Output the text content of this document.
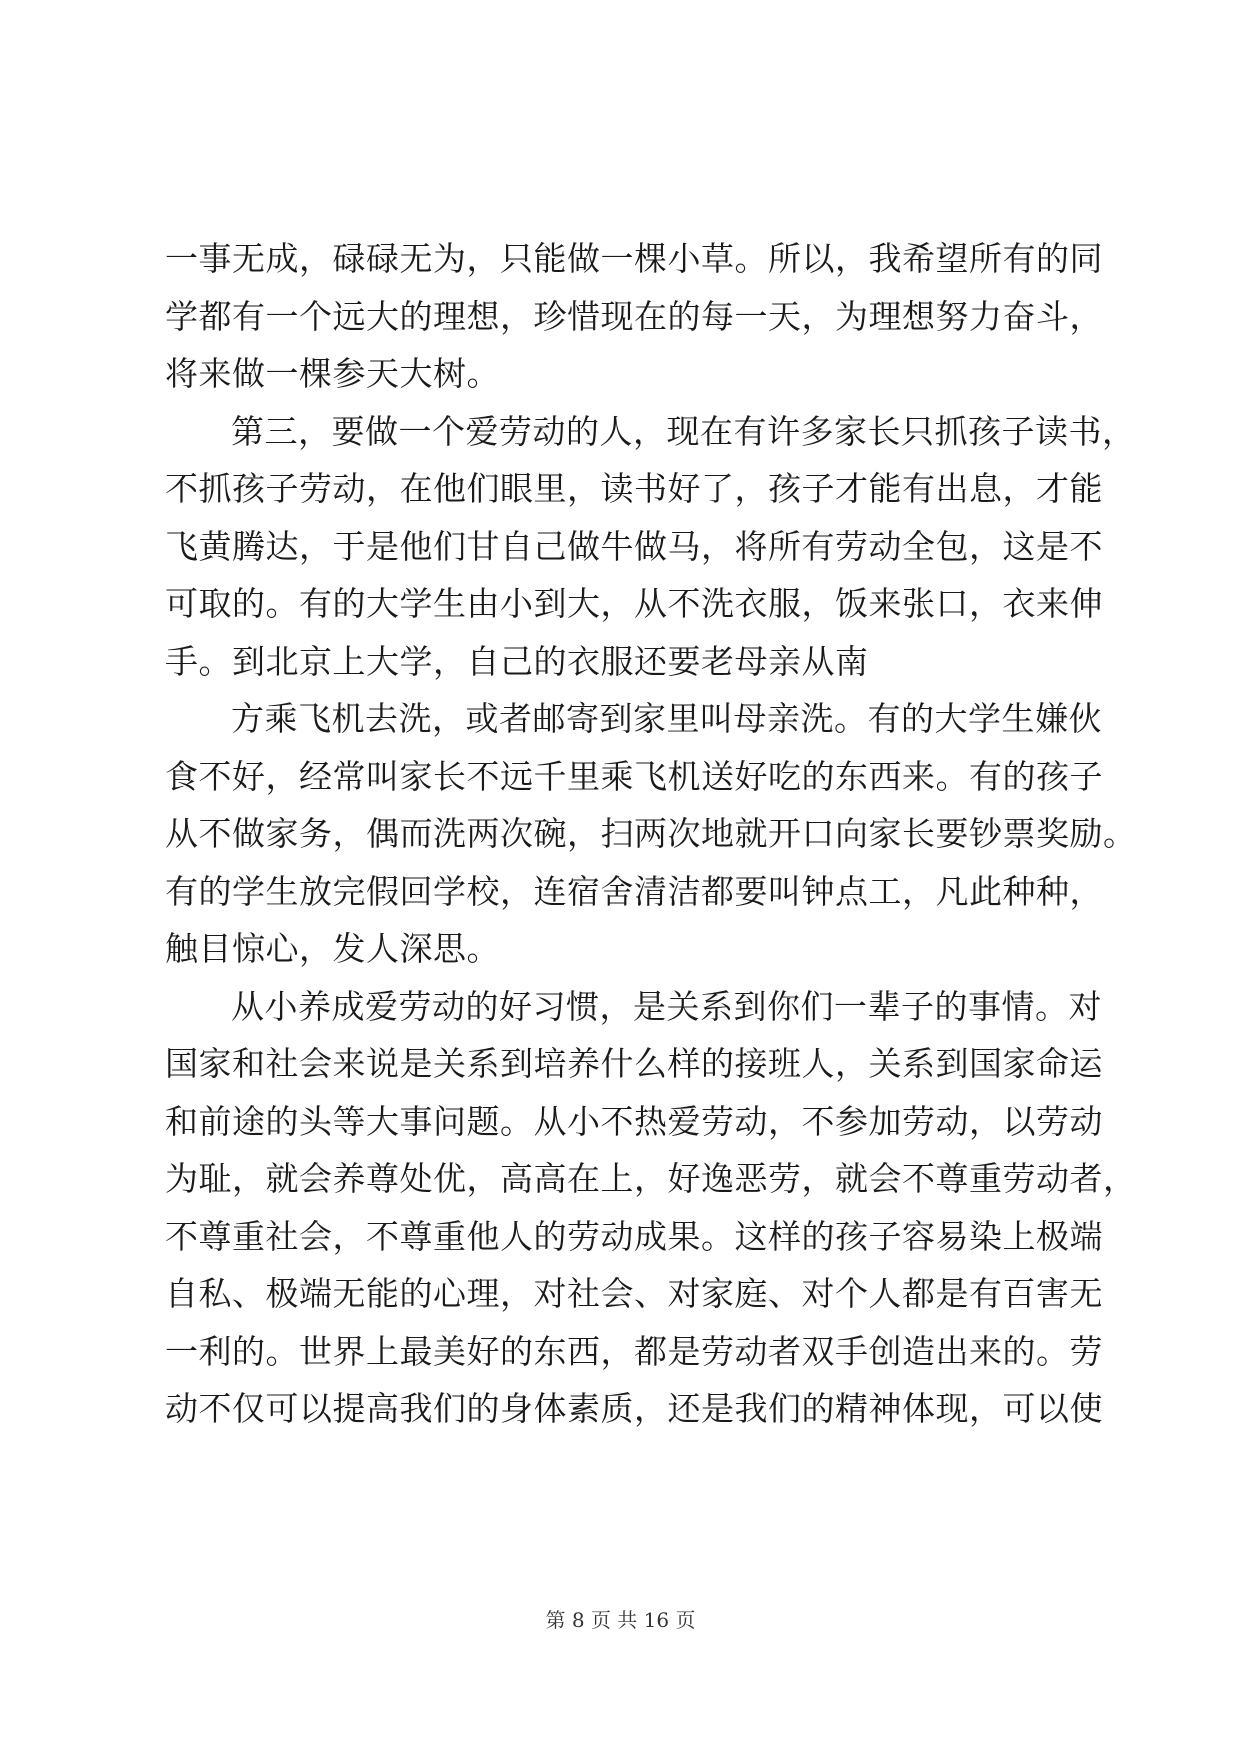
一事无成，碌碌无为，只能做一棵小草。所以，我希望所有的同
学都有一个远大的理想，珍惜现在的每一天，为理想努力奋斗，
将来做一棵参天大树。
第三，要做一个爱劳动的人，现在有许多家长只抓孩子读书，
不抓孩子劳动，在他们眼里，读书好了，孩子才能有出息，才能
飞黄腾达，于是他们甘自己做牛做马，将所有劳动全包，这是不
可取的。有的大学生由小到大，从不洗衣服，饭来张口，衣来伸
手。到北京上大学，自己的衣服还要老母亲从南
方乘飞机去洗，或者邮寄到家里叫母亲洗。有的大学生嫌伙
食不好，经常叫家长不远千里乘飞机送好吃的东西来。有的孩子
从不做家务，偶而洗两次碗，扫两次地就开口向家长要钞票奖励。
有的学生放完假回学校，连宿舍清洁都要叫钟点工，凡此种种，
触目惊心，发人深思。
从小养成爱劳动的好习惯，是关系到你们一辈子的事情。对
国家和社会来说是关系到培养什么样的接班人，关系到国家命运
和前途的头等大事问题。从小不热爱劳动，不参加劳动，以劳动
为耻，就会养尊处优，高高在上，好逸恶劳，就会不尊重劳动者，
不尊重社会，不尊重他人的劳动成果。这样的孩子容易染上极端
自私、极端无能的心理，对社会、对家庭、对个人都是有百害无
一利的。世界上最美好的东西，都是劳动者双手创造出来的。劳
动不仅可以提高我们的身体素质，还是我们的精神体现，可以使
第 8 页 共 16 页
